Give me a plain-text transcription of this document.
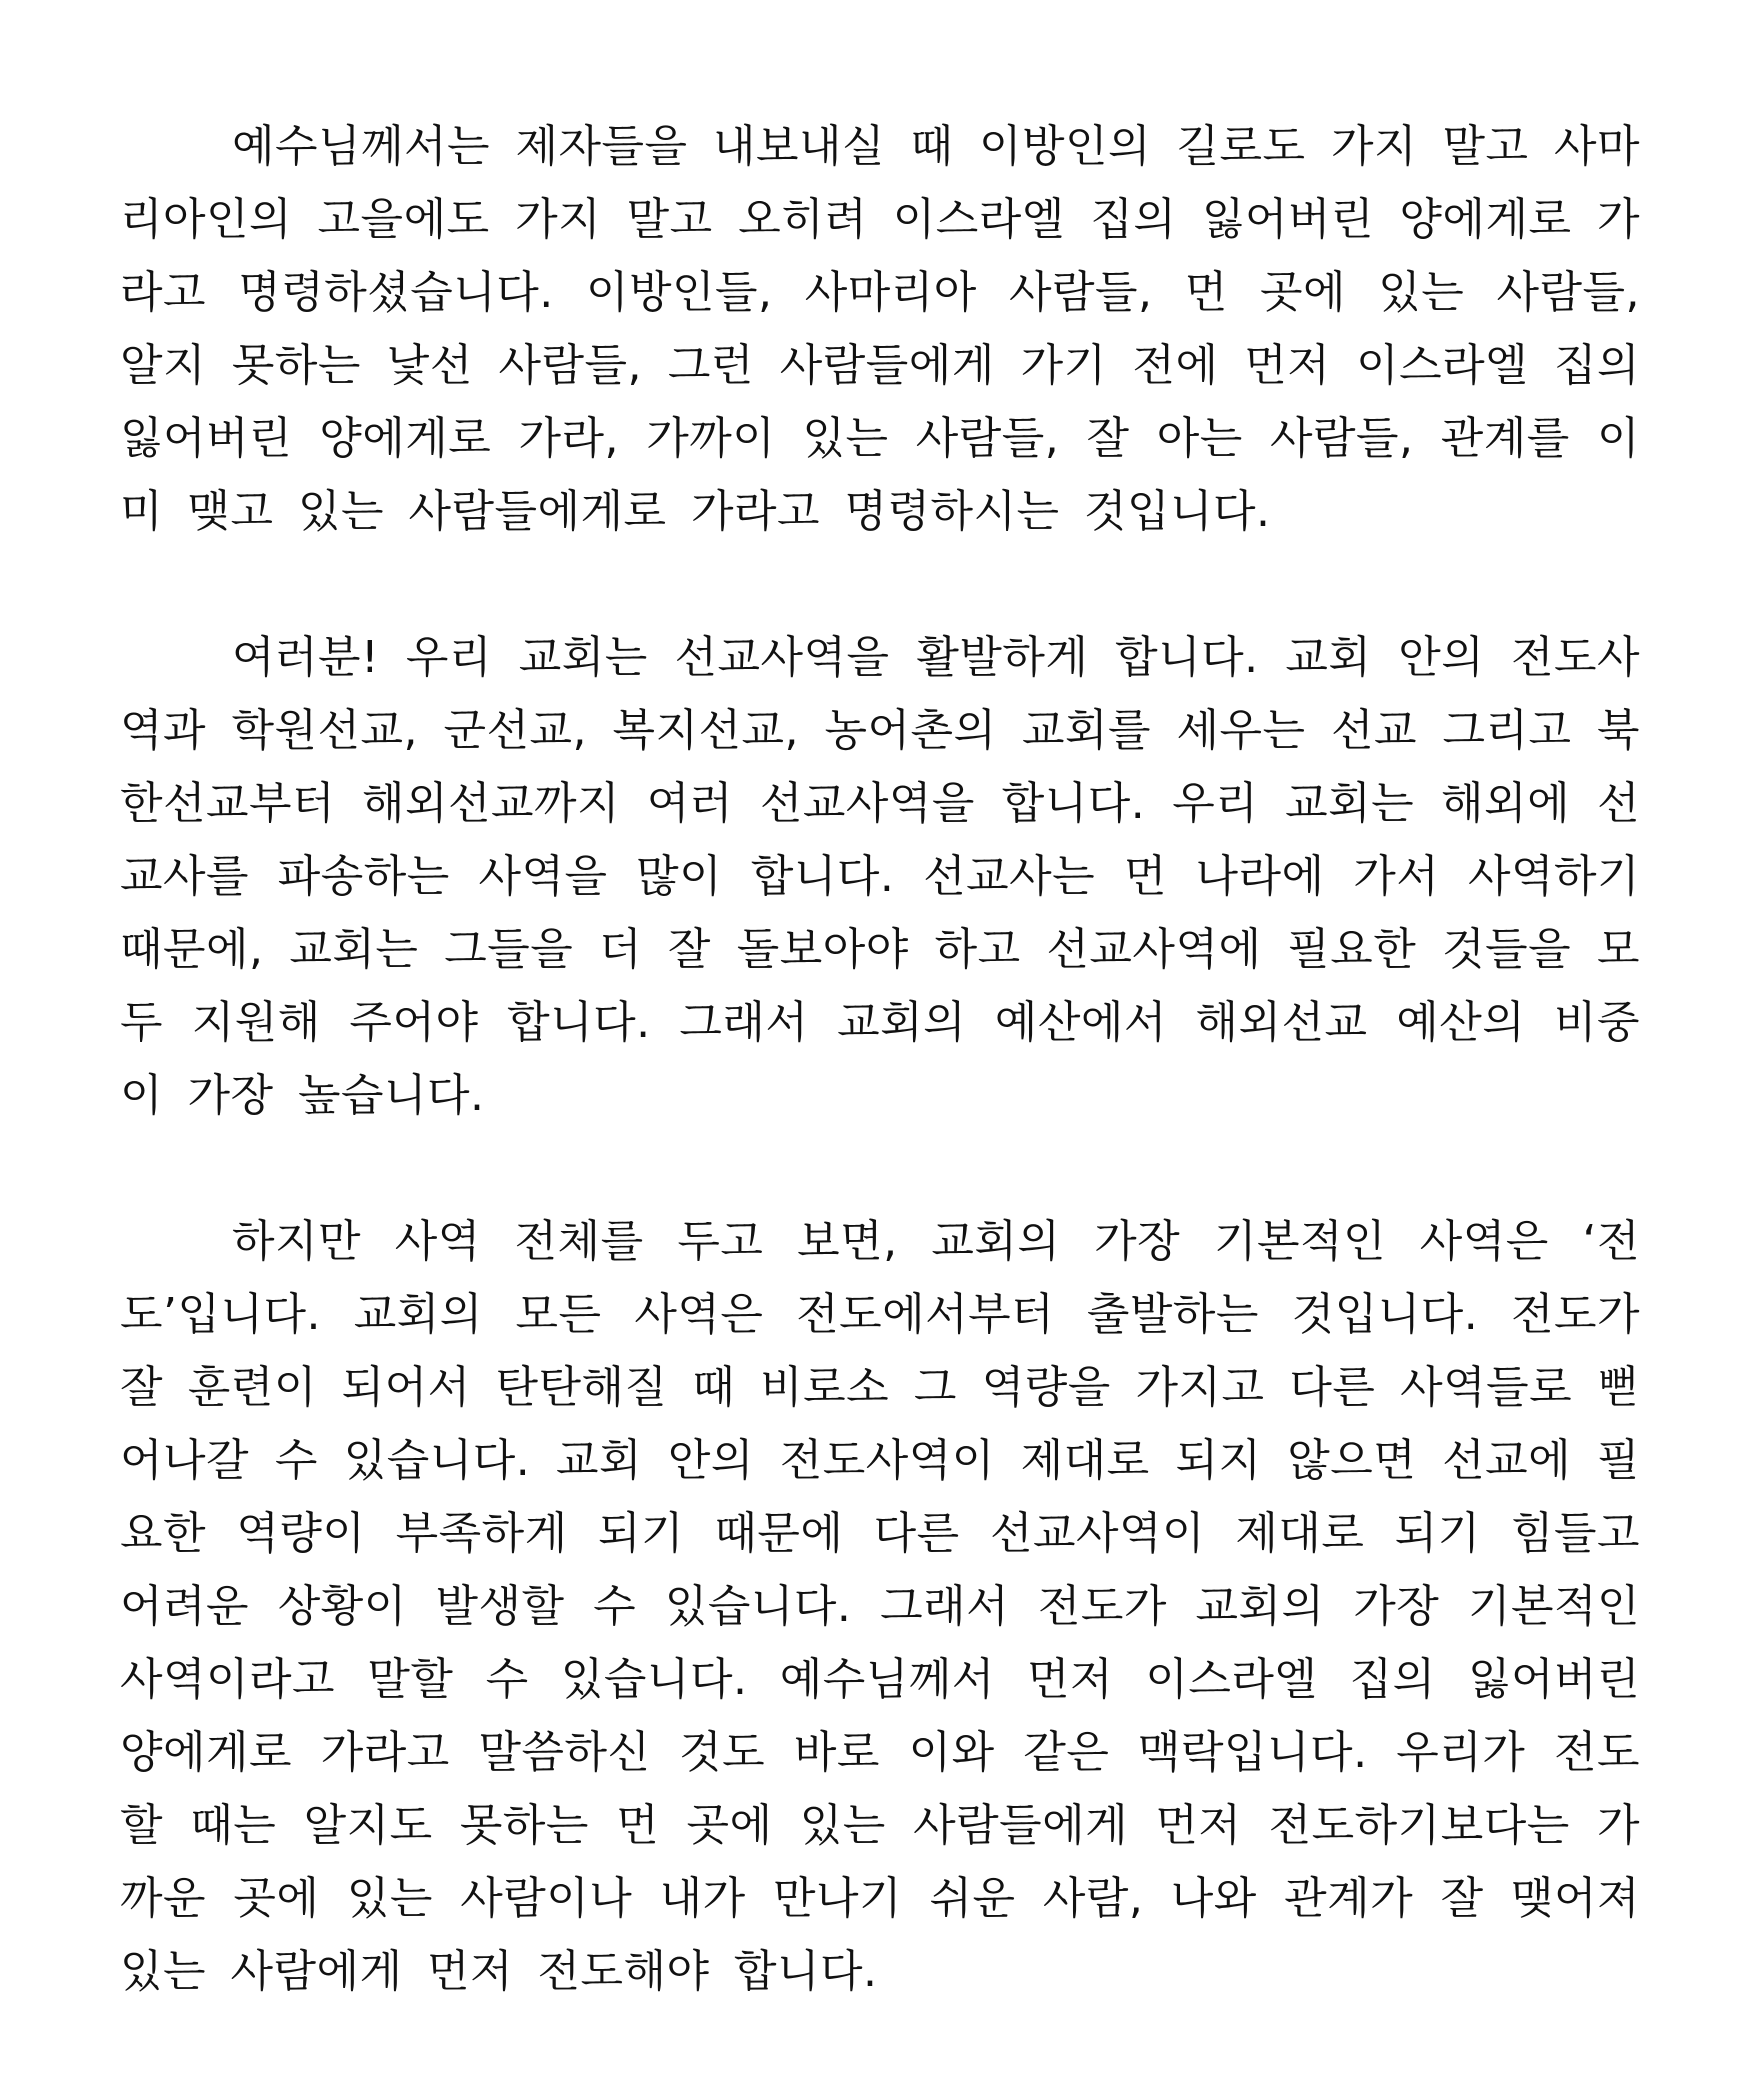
예수님께서는 제자들을 내보내실 때 이방인의 길로도 가지 말고 사마리아인의 고을에도 가지 말고 오히려 이스라엘 집의 잃어버린 양에게로 가라고 명령하셨습니다. 이방인들, 사마리아 사람들, 먼 곳에 있는 사람들, 알지 못하는 낯선 사람들, 그런 사람들에게 가기 전에 먼저 이스라엘 집의 잃어버린 양에게로 가라, 가까이 있는 사람들, 잘 아는 사람들, 관계를 이미 맺고 있는 사람들에게로 가라고 명령하시는 것입니다.

여러분! 우리 교회는 선교사역을 활발하게 합니다. 교회 안의 전도사역과 학원선교, 군선교, 복지선교, 농어촌의 교회를 세우는 선교 그리고 북한선교부터 해외선교까지 여러 선교사역을 합니다. 우리 교회는 해외에 선교사를 파송하는 사역을 많이 합니다. 선교사는 먼 나라에 가서 사역하기 때문에, 교회는 그들을 더 잘 돌보아야 하고 선교사역에 필요한 것들을 모두 지원해 주어야 합니다. 그래서 교회의 예산에서 해외선교 예산의 비중이 가장 높습니다.

하지만 사역 전체를 두고 보면, 교회의 가장 기본적인 사역은 ‘전도’입니다. 교회의 모든 사역은 전도에서부터 출발하는 것입니다. 전도가 잘 훈련이 되어서 탄탄해질 때 비로소 그 역량을 가지고 다른 사역들로 뻗어나갈 수 있습니다. 교회 안의 전도사역이 제대로 되지 않으면 선교에 필요한 역량이 부족하게 되기 때문에 다른 선교사역이 제대로 되기 힘들고 어려운 상황이 발생할 수 있습니다. 그래서 전도가 교회의 가장 기본적인 사역이라고 말할 수 있습니다. 예수님께서 먼저 이스라엘 집의 잃어버린 양에게로 가라고 말씀하신 것도 바로 이와 같은 맥락입니다. 우리가 전도할 때는 알지도 못하는 먼 곳에 있는 사람들에게 먼저 전도하기보다는 가까운 곳에 있는 사람이나 내가 만나기 쉬운 사람, 나와 관계가 잘 맺어져 있는 사람에게 먼저 전도해야 합니다.
